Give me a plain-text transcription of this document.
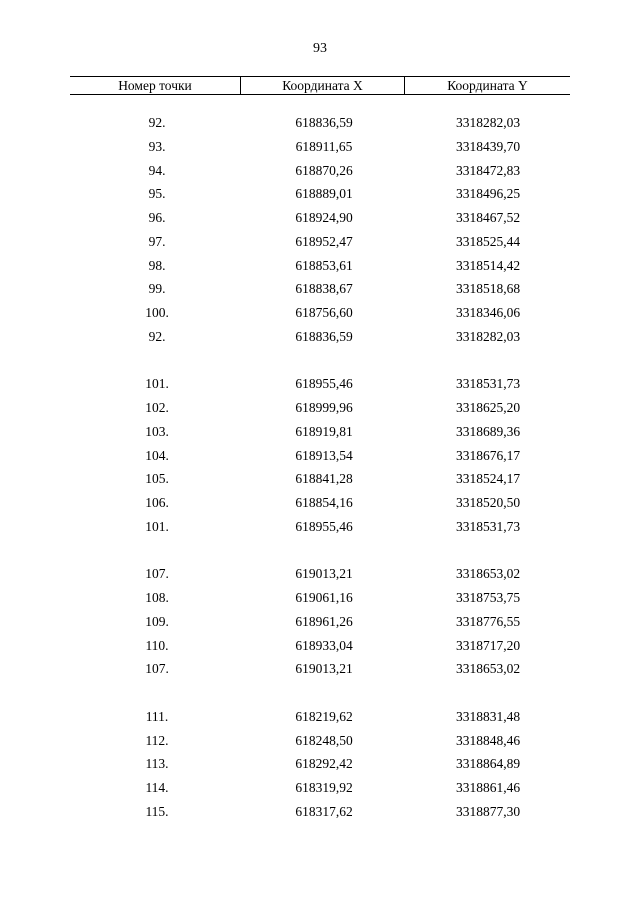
93
Номер точки	Координата X	Координата Y
92.	618836,59	3318282,03
93.	618911,65	3318439,70
94.	618870,26	3318472,83
95.	618889,01	3318496,25
96.	618924,90	3318467,52
97.	618952,47	3318525,44
98.	618853,61	3318514,42
99.	618838,67	3318518,68
100.	618756,60	3318346,06
92.	618836,59	3318282,03
101.	618955,46	3318531,73
102.	618999,96	3318625,20
103.	618919,81	3318689,36
104.	618913,54	3318676,17
105.	618841,28	3318524,17
106.	618854,16	3318520,50
101.	618955,46	3318531,73
107.	619013,21	3318653,02
108.	619061,16	3318753,75
109.	618961,26	3318776,55
110.	618933,04	3318717,20
107.	619013,21	3318653,02
111.	618219,62	3318831,48
112.	618248,50	3318848,46
113.	618292,42	3318864,89
114.	618319,92	3318861,46
115.	618317,62	3318877,30
